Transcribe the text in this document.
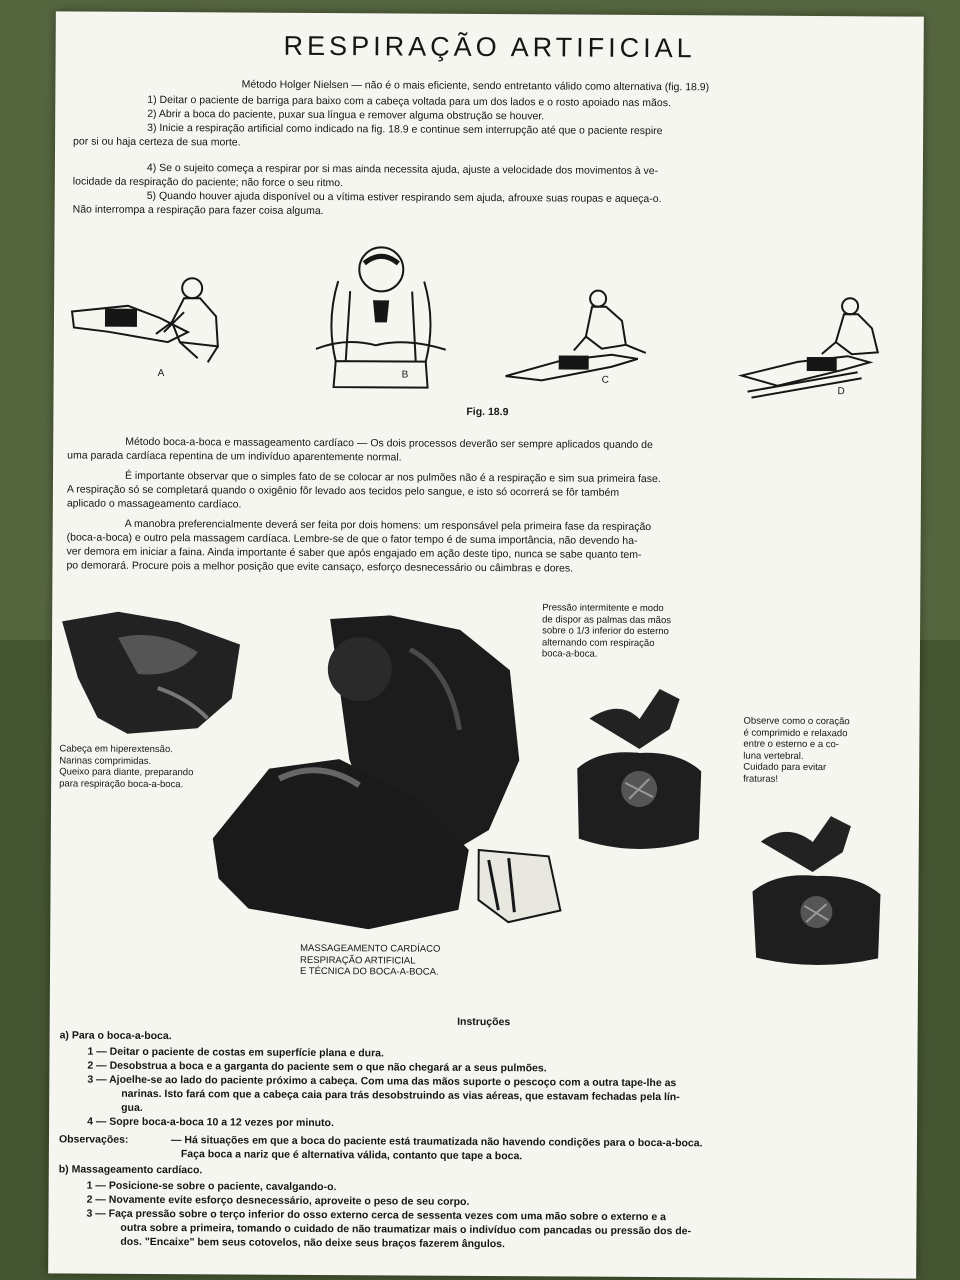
RESPIRAÇÃO ARTIFICIAL

Método Holger Nielsen — não é o mais eficiente, sendo entretanto válido como alternativa (fig. 18.9)

1) Deitar o paciente de barriga para baixo com a cabeça voltada para um dos lados e o rosto apoiado nas mãos.

2) Abrir a boca do paciente, puxar sua língua e remover alguma obstrução se houver.

3) Inicie a respiração artificial como indicado na fig. 18.9 e continue sem interrupção até que o paciente respire

por si ou haja certeza de sua morte.

4) Se o sujeito começa a respirar por si mas ainda necessita ajuda, ajuste a velocidade dos movimentos à ve-

locidade da respiração do paciente; não force o seu ritmo.

5) Quando houver ajuda disponível ou a vítima estiver respirando sem ajuda, afrouxe suas roupas e aqueça-o.

Não interrompa a respiração para fazer coisa alguma.

A	B	C
D
Fig. 18.9

Método boca-a-boca e massageamento cardíaco — Os dois processos deverão ser sempre aplicados quando de

uma parada cardíaca repentina de um indivíduo aparentemente normal.

É importante observar que o simples fato de se colocar ar nos pulmões não é a respiração e sim sua primeira fase.

A respiração só se completará quando o oxigênio fôr levado aos tecidos pelo sangue, e isto só ocorrerá se fôr também

aplicado o massageamento cardíaco.

A manobra preferencialmente deverá ser feita por dois homens: um responsável pela primeira fase da respiração

(boca-a-boca) e outro pela massagem cardíaca. Lembre-se de que o fator tempo é de suma importância, não devendo ha-

ver demora em iniciar a faina. Ainda importante é saber que após engajado em ação deste tipo, nunca se sabe quanto tem-

po demorará. Procure pois a melhor posição que evite cansaço, esforço desnecessário ou câimbras e dores.

Cabeça em hiperextensão.
Narinas comprimidas.
Queixo para diante, preparando
para respiração boca-a-boca.
MASSAGEAMENTO CARDÍACO
RESPIRAÇÃO ARTIFICIAL
E TÉCNICA DO BOCA-A-BOCA.
Pressão intermitente e modo
de dispor as palmas das mãos
sobre o 1/3 inferior do esterno
alternando com respiração
boca-a-boca.
Observe como o coração
é comprimido e relaxado
entre o esterno e a co-
luna vertebral.
Cuidado para evitar
fraturas!
Instruções
a) Para o boca-a-boca.
1 — Deitar o paciente de costas em superfície plana e dura.
2 — Desobstrua a boca e a garganta do paciente sem o que não chegará ar a seus pulmões.
3 — Ajoelhe-se ao lado do paciente próximo a cabeça. Com uma das mãos suporte o pescoço com a outra tape-lhe as
narinas. Isto fará com que a cabeça caia para trás desobstruindo as vias aéreas, que estavam fechadas pela lín-
gua.
4 — Sopre boca-a-boca 10 a 12 vezes por minuto.
Observações:	— Há situações em que a boca do paciente está traumatizada não havendo condições para o boca-a-boca.
Faça boca a nariz que é alternativa válida, contanto que tape a boca.
b) Massageamento cardíaco.
1 — Posicione-se sobre o paciente, cavalgando-o.
2 — Novamente evite esforço desnecessário, aproveite o peso de seu corpo.
3 — Faça pressão sobre o terço inferior do osso externo cerca de sessenta vezes com uma mão sobre o externo e a
outra sobre a primeira, tomando o cuidado de não traumatizar mais o indivíduo com pancadas ou pressão dos de-
dos. "Encaixe" bem seus cotovelos, não deixe seus braços fazerem ângulos.
